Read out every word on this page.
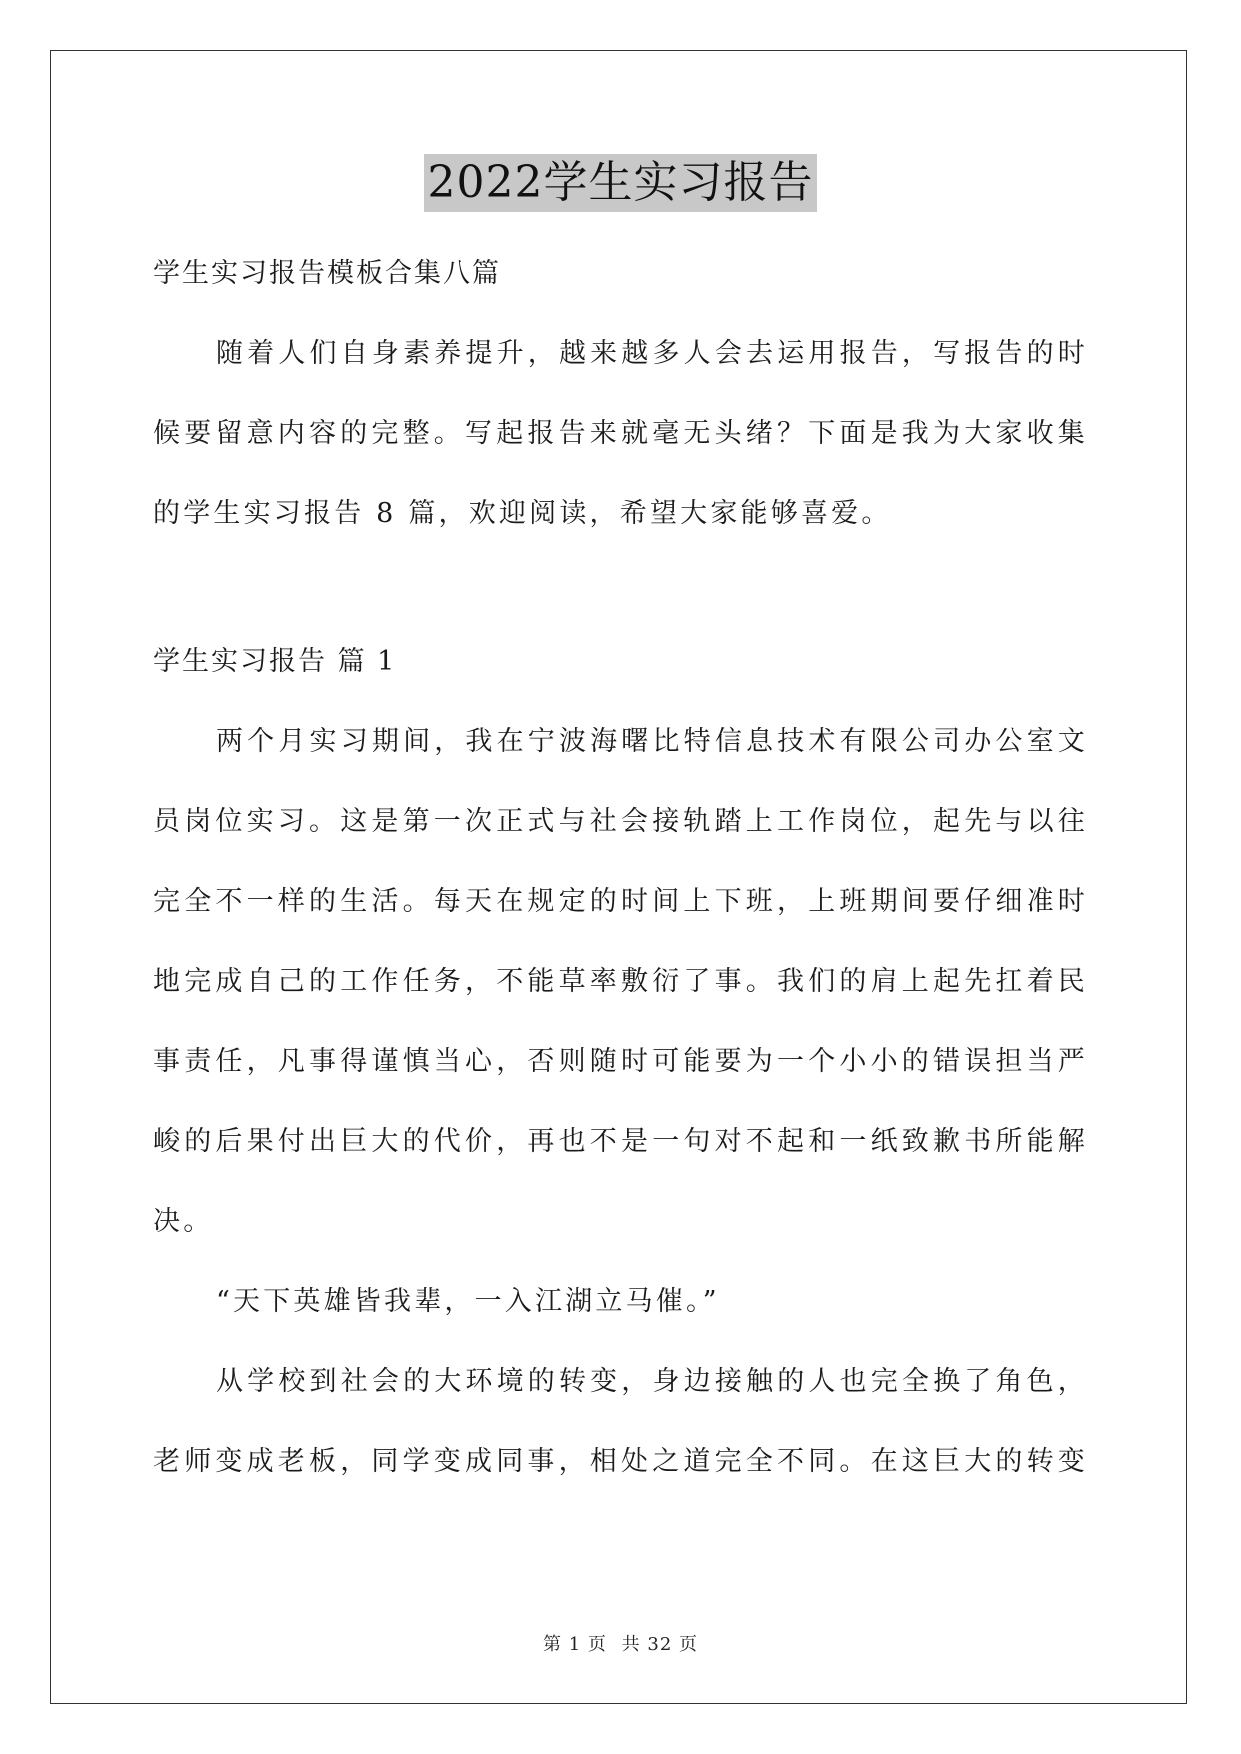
2022学生实习报告
学生实习报告模板合集八篇
随着人们自身素养提升，越来越多人会去运用报告，写报告的时
候要留意内容的完整。写起报告来就毫无头绪？下面是我为大家收集
的学生实习报告 8 篇，欢迎阅读，希望大家能够喜爱。
学生实习报告 篇 1
两个月实习期间，我在宁波海曙比特信息技术有限公司办公室文
员岗位实习。这是第一次正式与社会接轨踏上工作岗位，起先与以往
完全不一样的生活。每天在规定的时间上下班，上班期间要仔细准时
地完成自己的工作任务，不能草率敷衍了事。我们的肩上起先扛着民
事责任，凡事得谨慎当心，否则随时可能要为一个小小的错误担当严
峻的后果付出巨大的代价，再也不是一句对不起和一纸致歉书所能解
决。
“天下英雄皆我辈，一入江湖立马催。”
从学校到社会的大环境的转变，身边接触的人也完全换了角色，
老师变成老板，同学变成同事，相处之道完全不同。在这巨大的转变
第 1 页 共 32 页
